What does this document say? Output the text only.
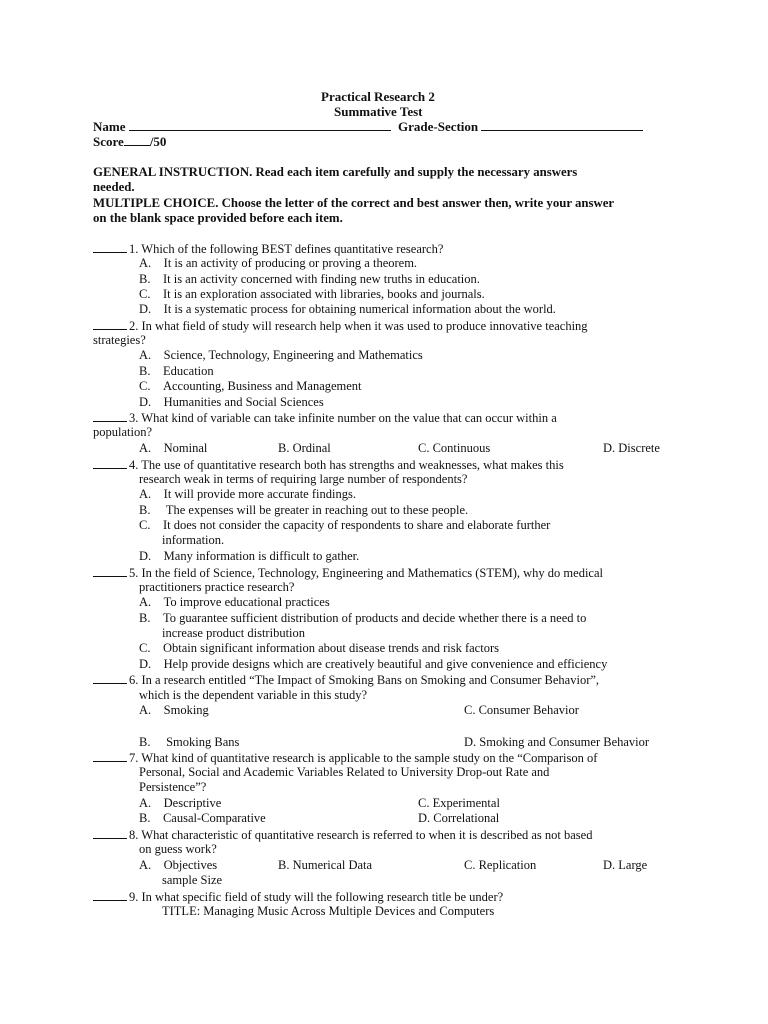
Practical Research 2
Summative Test
Name	Grade-Section
Score /50
GENERAL INSTRUCTION. Read each item carefully and supply the necessary answers
needed.
MULTIPLE CHOICE. Choose the letter of the correct and best answer then, write your answer
on the blank space provided before each item.
1. Which of the following BEST defines quantitative research?
A. It is an activity of producing or proving a theorem.
B. It is an activity concerned with finding new truths in education.
C. It is an exploration associated with libraries, books and journals.
D. It is a systematic process for obtaining numerical information about the world.
2. In what field of study will research help when it was used to produce innovative teaching
strategies?
A. Science, Technology, Engineering and Mathematics
B. Education
C. Accounting, Business and Management
D. Humanities and Social Sciences
3. What kind of variable can take infinite number on the value that can occur within a
population?
A. Nominal	B. Ordinal	C. Continuous	D. Discrete
4. The use of quantitative research both has strengths and weaknesses, what makes this
research weak in terms of requiring large number of respondents?
A. It will provide more accurate findings.
B.  The expenses will be greater in reaching out to these people.
C. It does not consider the capacity of respondents to share and elaborate further
information.
D. Many information is difficult to gather.
5. In the field of Science, Technology, Engineering and Mathematics (STEM), why do medical
practitioners practice research?
A. To improve educational practices
B. To guarantee sufficient distribution of products and decide whether there is a need to
increase product distribution
C. Obtain significant information about disease trends and risk factors
D. Help provide designs which are creatively beautiful and give convenience and efficiency
6. In a research entitled “The Impact of Smoking Bans on Smoking and Consumer Behavior”,
which is the dependent variable in this study?
A. Smoking	C. Consumer Behavior
B.  Smoking Bans	D. Smoking and Consumer Behavior
7. What kind of quantitative research is applicable to the sample study on the “Comparison of
Personal, Social and Academic Variables Related to University Drop-out Rate and
Persistence”?
A. Descriptive	C. Experimental
B. Causal-Comparative	D. Correlational
8. What characteristic of quantitative research is referred to when it is described as not based
on guess work?
A. Objectives	B. Numerical Data	C. Replication	D. Large
sample Size
9. In what specific field of study will the following research title be under?
TITLE: Managing Music Across Multiple Devices and Computers
